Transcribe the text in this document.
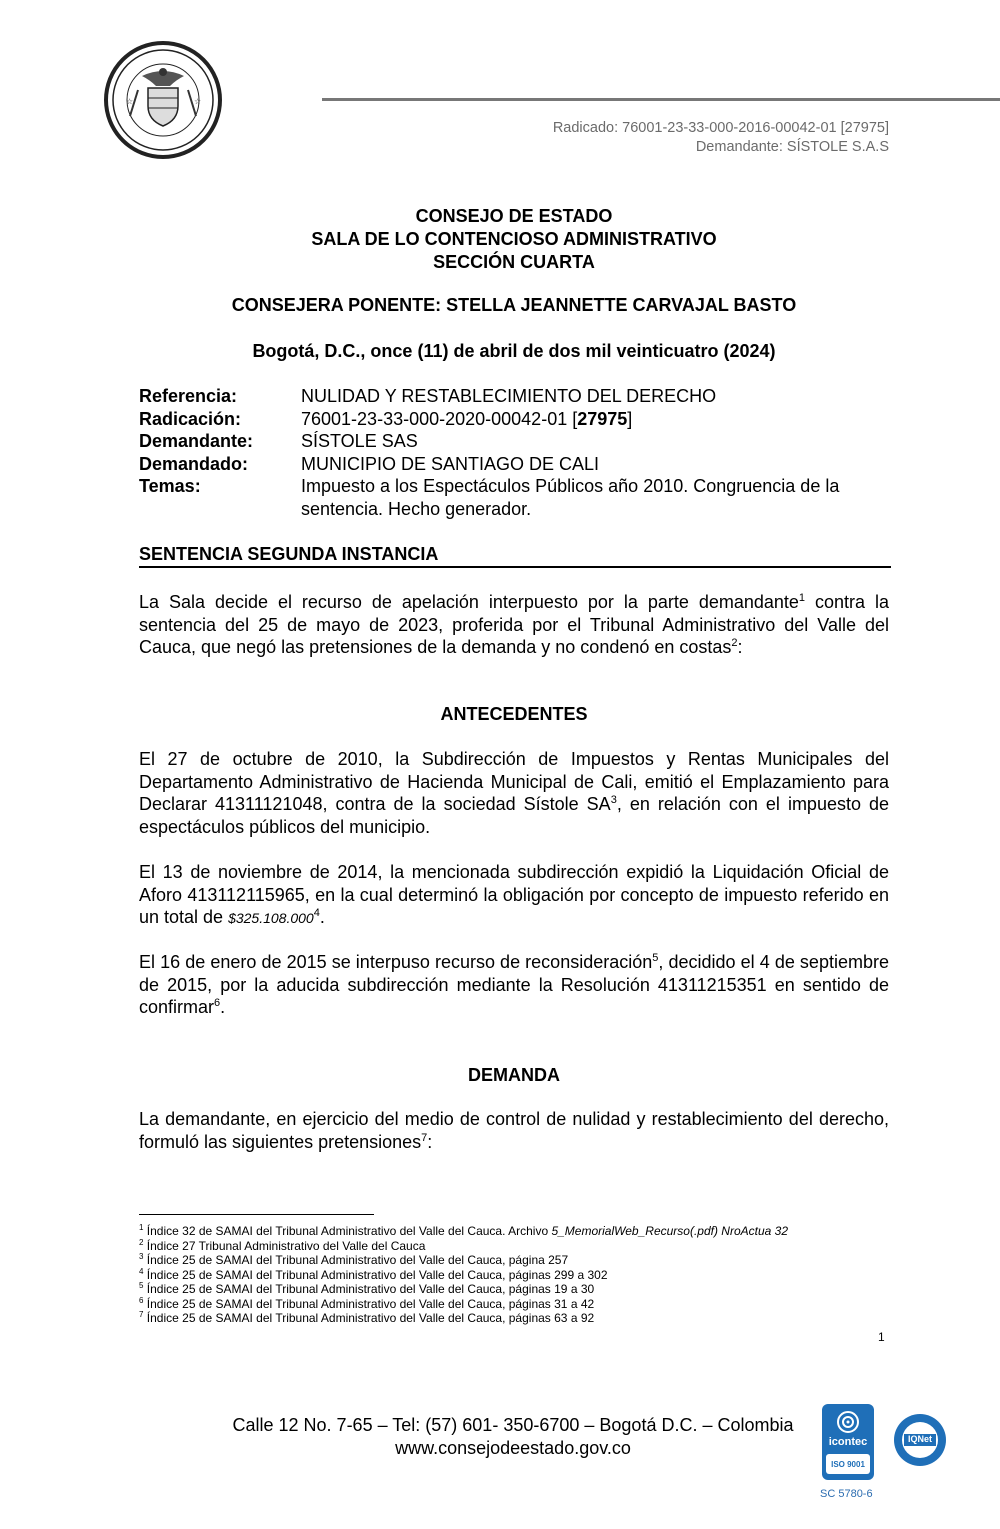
☆	☆
Radicado: 76001-23-33-000-2016-00042-01 [27975]
Demandante: SÍSTOLE S.A.S
CONSEJO DE ESTADO
SALA DE LO CONTENCIOSO ADMINISTRATIVO
SECCIÓN CUARTA
CONSEJERA PONENTE: STELLA JEANNETTE CARVAJAL BASTO
Bogotá, D.C., once (11) de abril de dos mil veinticuatro (2024)
Referencia:	NULIDAD Y RESTABLECIMIENTO DEL DERECHO
Radicación:	76001-23-33-000-2020-00042-01 [27975]
Demandante:	SÍSTOLE SAS
Demandado:	MUNICIPIO DE SANTIAGO DE CALI
Temas:	Impuesto a los Espectáculos Públicos año 2010. Congruencia de la sentencia. Hecho generador.
SENTENCIA SEGUNDA INSTANCIA
La Sala decide el recurso de apelación interpuesto por la parte demandante$^1$ contra la sentencia del 25 de mayo de 2023, proferida por el Tribunal Administrativo del Valle del Cauca, que negó las pretensiones de la demanda y no condenó en costas$^2$:
ANTECEDENTES
El 27 de octubre de 2010, la Subdirección de Impuestos y Rentas Municipales del Departamento Administrativo de Hacienda Municipal de Cali, emitió el Emplazamiento para Declarar 41311121048, contra de la sociedad Sístole $SA^3$, en relación con el impuesto de espectáculos públicos del municipio.
El 13 de noviembre de 2014, la mencionada subdirección expidió la Liquidación Oficial de Aforo 413112115965, en la cual determinó la obligación por concepto de impuesto referido en un total de $325.108.000$^4$.
El 16 de enero de 2015 se interpuso recurso de reconsideración$^5$, decidido el 4 de septiembre de 2015, por la aducida subdirección mediante la Resolución 41311215351 en sentido de confirmar$^6$.
DEMANDA
La demandante, en ejercicio del medio de control de nulidad y restablecimiento del derecho, formuló las siguientes pretensiones$^7$:
$^1$ Índice 32 de SAMAI del Tribunal Administrativo del Valle del Cauca. Archivo 5_MemorialWeb_Recurso(.pdf) NroActua 32
$^2$ Índice 27 Tribunal Administrativo del Valle del Cauca
$^3$ Índice 25 de SAMAI del Tribunal Administrativo del Valle del Cauca, página 257
$^4$ Índice 25 de SAMAI del Tribunal Administrativo del Valle del Cauca, páginas 299 a 302
$^5$ Índice 25 de SAMAI del Tribunal Administrativo del Valle del Cauca, páginas 19 a 30
$^6$ Índice 25 de SAMAI del Tribunal Administrativo del Valle del Cauca, páginas 31 a 42
$^7$ Índice 25 de SAMAI del Tribunal Administrativo del Valle del Cauca, páginas 63 a 92
1
Calle 12 No. 7-65 – Tel: (57) 601- 350-6700 – Bogotá D.C. – Colombia
www.consejodeestado.gov.co	icontec
ISO 9001
IQNet
SC 5780-6
